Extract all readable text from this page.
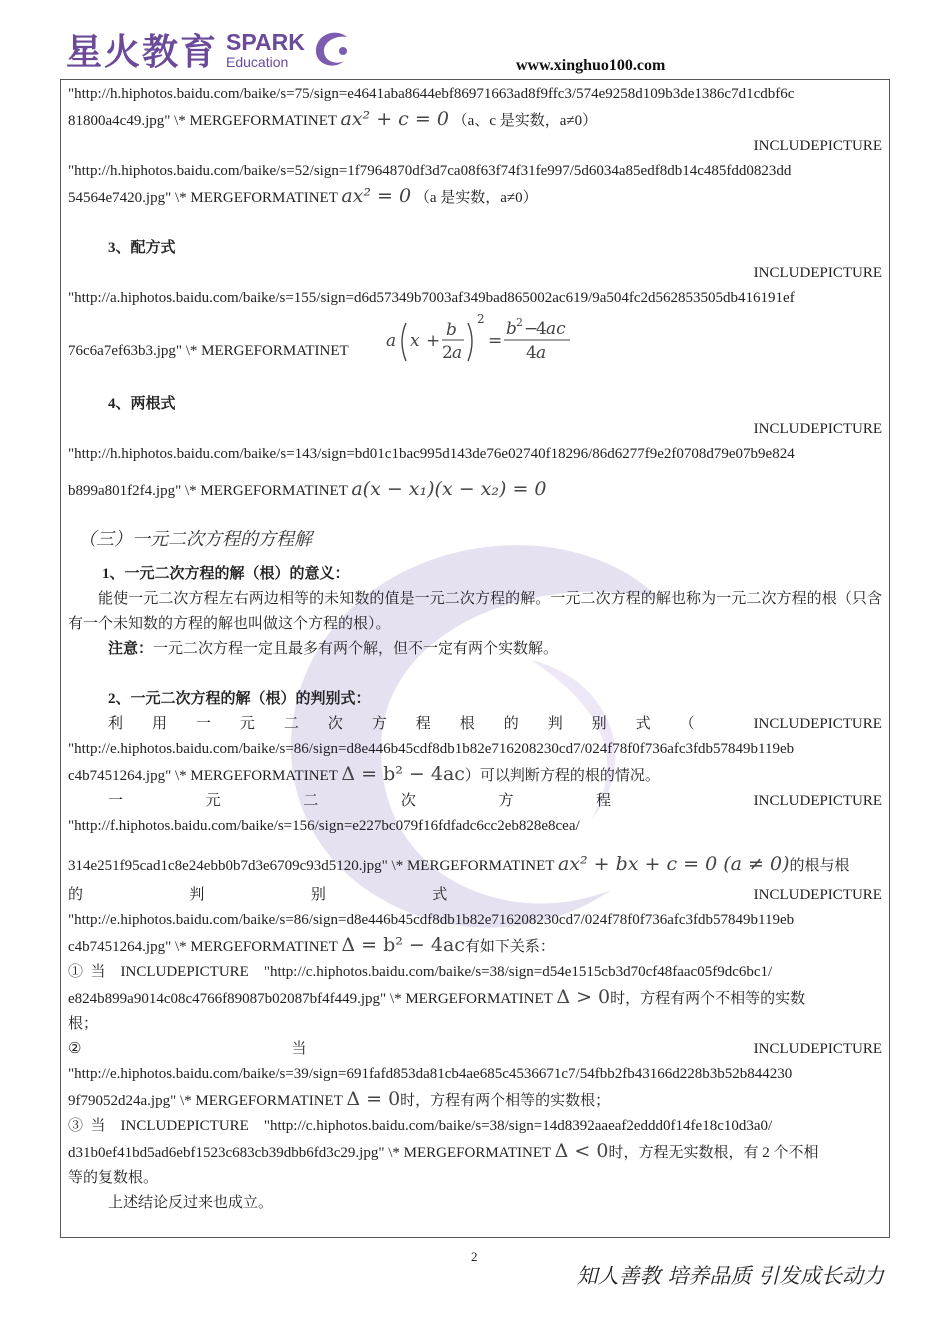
星火教育 SPARK
Education	www.xinghuo100.com

"http://h.hiphotos.baidu.com/baike/s=75/sign=e4641aba8644ebf86971663ad8f9ffc3/574e9258d109b3de1386c7d1cdbf6c

81800a4c49.jpg" \* MERGEFORMATINET ax² + c = 0 （a、c 是实数，a≠0）

INCLUDEPICTURE

"http://h.hiphotos.baidu.com/baike/s=52/sign=1f7964870df3d7ca08f63f74f31fe997/5d6034a85edf8db14c485fdd0823dd

54564e7420.jpg" \* MERGEFORMATINET ax² = 0 （a 是实数，a≠0）

3、配方式

INCLUDEPICTURE

"http://a.hiphotos.baidu.com/baike/s=155/sign=d6d57349b7003af349bad865002ac619/9a504fc2d562853505db416191ef

76c6a7ef63b3.jpg" \* MERGEFORMATINET a x +
b
2 a
2
=
b 2 −
4 ac
4 a

4、两根式

INCLUDEPICTURE

"http://h.hiphotos.baidu.com/baike/s=143/sign=bd01c1bac995d143de76e02740f18296/86d6277f9e2f0708d79e07b9e824

b899a801f2f4.jpg" \* MERGEFORMATINET a(x − x₁)(x − x₂) = 0

（三）一元二次方程的方程解

1、一元二次方程的解（根）的意义：

能使一元二次方程左右两边相等的未知数的值是一元二次方程的解。一元二次方程的解也称为一元二次方程的根（只含有一个未知数的方程的解也叫做这个方程的根）。

注意：一元二次方程一定且最多有两个解，但不一定有两个实数解。

2、一元二次方程的解（根）的判别式：

利 用 一 元 二 次 方 程 根 的 判 别 式 （	INCLUDEPICTURE

"http://e.hiphotos.baidu.com/baike/s=86/sign=d8e446b45cdf8db1b82e716208230cd7/024f78f0f736afc3fdb57849b119eb

c4b7451264.jpg" \* MERGEFORMATINET Δ = b² − 4ac）可以判断方程的根的情况。

一	元	二	次	方	程	INCLUDEPICTURE

"http://f.hiphotos.baidu.com/baike/s=156/sign=e227bc079f16fdfadc6cc2eb828e8cea/

314e251f95cad1c8e24ebb0b7d3e6709c93d5120.jpg" \* MERGEFORMATINET ax² + bx + c = 0 (a ≠ 0)的根与根

的	判	别	式	INCLUDEPICTURE

"http://e.hiphotos.baidu.com/baike/s=86/sign=d8e446b45cdf8db1b82e716208230cd7/024f78f0f736afc3fdb57849b119eb

c4b7451264.jpg" \* MERGEFORMATINET Δ = b² − 4ac有如下关系：

①  当    INCLUDEPICTURE    "http://c.hiphotos.baidu.com/baike/s=38/sign=d54e1515cb3d70cf48faac05f9dc6bc1/

e824b899a9014c08c4766f89087b02087bf4f449.jpg" \* MERGEFORMATINET Δ > 0时，方程有两个不相等的实数

根；

②	当	INCLUDEPICTURE

"http://e.hiphotos.baidu.com/baike/s=39/sign=691fafd853da81cb4ae685c4536671c7/54fbb2fb43166d228b3b52b844230

9f79052d24a.jpg" \* MERGEFORMATINET Δ = 0时，方程有两个相等的实数根；

③  当    INCLUDEPICTURE    "http://c.hiphotos.baidu.com/baike/s=38/sign=14d8392aaeaf2eddd0f14fe18c10d3a0/

d31b0ef41bd5ad6ebf1523c683cb39dbb6fd3c29.jpg" \* MERGEFORMATINET Δ < 0时，方程无实数根，有 2 个不相

等的复数根。

上述结论反过来也成立。

2
知人善教 培养品质 引发成长动力
